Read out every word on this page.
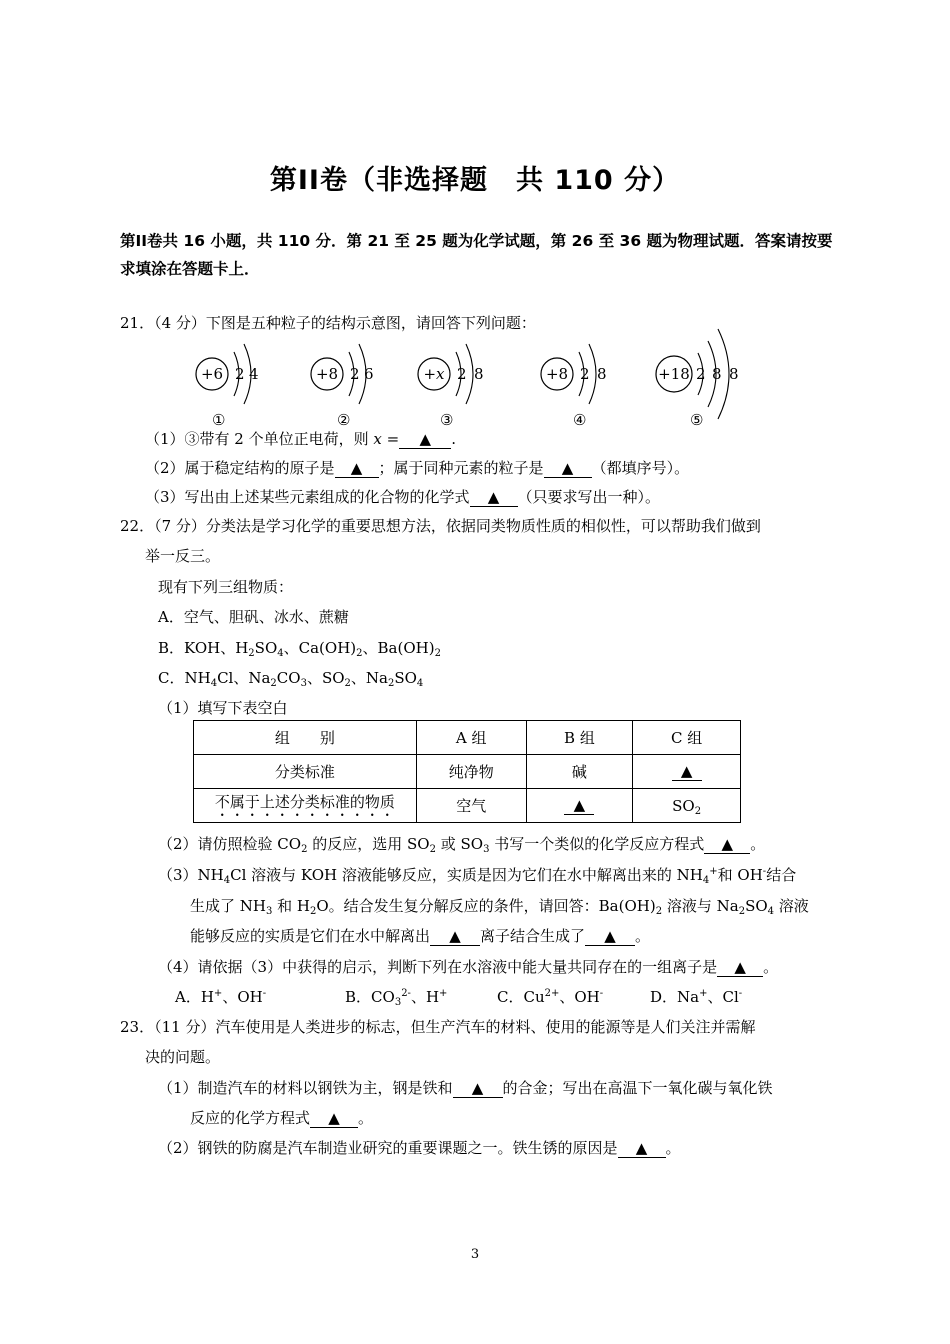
第II卷（非选择题　共 110 分）
第II卷共 16 小题，共 110 分．第 21 至 25 题为化学试题，第 26 至 36 题为物理试题．答案请按要
求填涂在答题卡上．
21．（4 分）下图是五种粒子的结构示意图，请回答下列问题：
+6 2 4
①
+8 2 6
②
+x 2 8
③
+8 2 8
④
+18 2 8 8
⑤
（1）③带有 2 个单位正电荷，则 x = ▲ .
（2）属于稳定结构的原子是 ▲ ；属于同种元素的粒子是 ▲ （都填序号）。
（3）写出由上述某些元素组成的化合物的化学式 ▲ （只要求写出一种）。
22．（7 分）分类法是学习化学的重要思想方法，依据同类物质性质的相似性，可以帮助我们做到
举一反三。
现有下列三组物质：
A．空气、胆矾、冰水、蔗糖
B．KOH、$H_2SO_4$、$Ca(OH)_2$、$Ba(OH)_2$
C．$NH_4Cl$、$Na_2CO_3$、$SO_2$、$Na_2SO_4$
（1）填写下表空白
组　　别	A 组	B 组	C 组
分类标准	纯净物	碱	▲
不属于上述分类标准的物质	空气	▲	$SO_2$
（2）请仿照检验 $CO_2$ 的反应，选用 $SO_2$ 或 $SO_3$ 书写一个类似的化学反应方程式 ▲ 。
$(3)NH_4Cl$ 溶液与 KOH 溶液能够反应，实质是因为它们在水中解离出来的 $NH_4^+$和 OH-结合
生成了 $NH_3$ 和 $H_2O$。结合发生复分解反应的条件，请回答：$Ba(OH)_2$ 溶液与 $Na_2SO_4$ 溶液
能够反应的实质是它们在水中解离出 ▲ 离子结合生成了 ▲ 。
（4）请依据（3）中获得的启示，判断下列在水溶液中能大量共同存在的一组离子是 ▲ 。
A．H+、OH-	B．$CO_3^{2-}$、H+	C．$Cu^{2+}$、OH-	D．Na+、Cl-
23．（11 分）汽车使用是人类进步的标志，但生产汽车的材料、使用的能源等是人们关注并需解
决的问题。
（1）制造汽车的材料以钢铁为主，钢是铁和 ▲ 的合金；写出在高温下一氧化碳与氧化铁
反应的化学方程式 ▲ 。
（2）钢铁的防腐是汽车制造业研究的重要课题之一。铁生锈的原因是 ▲ 。
3
